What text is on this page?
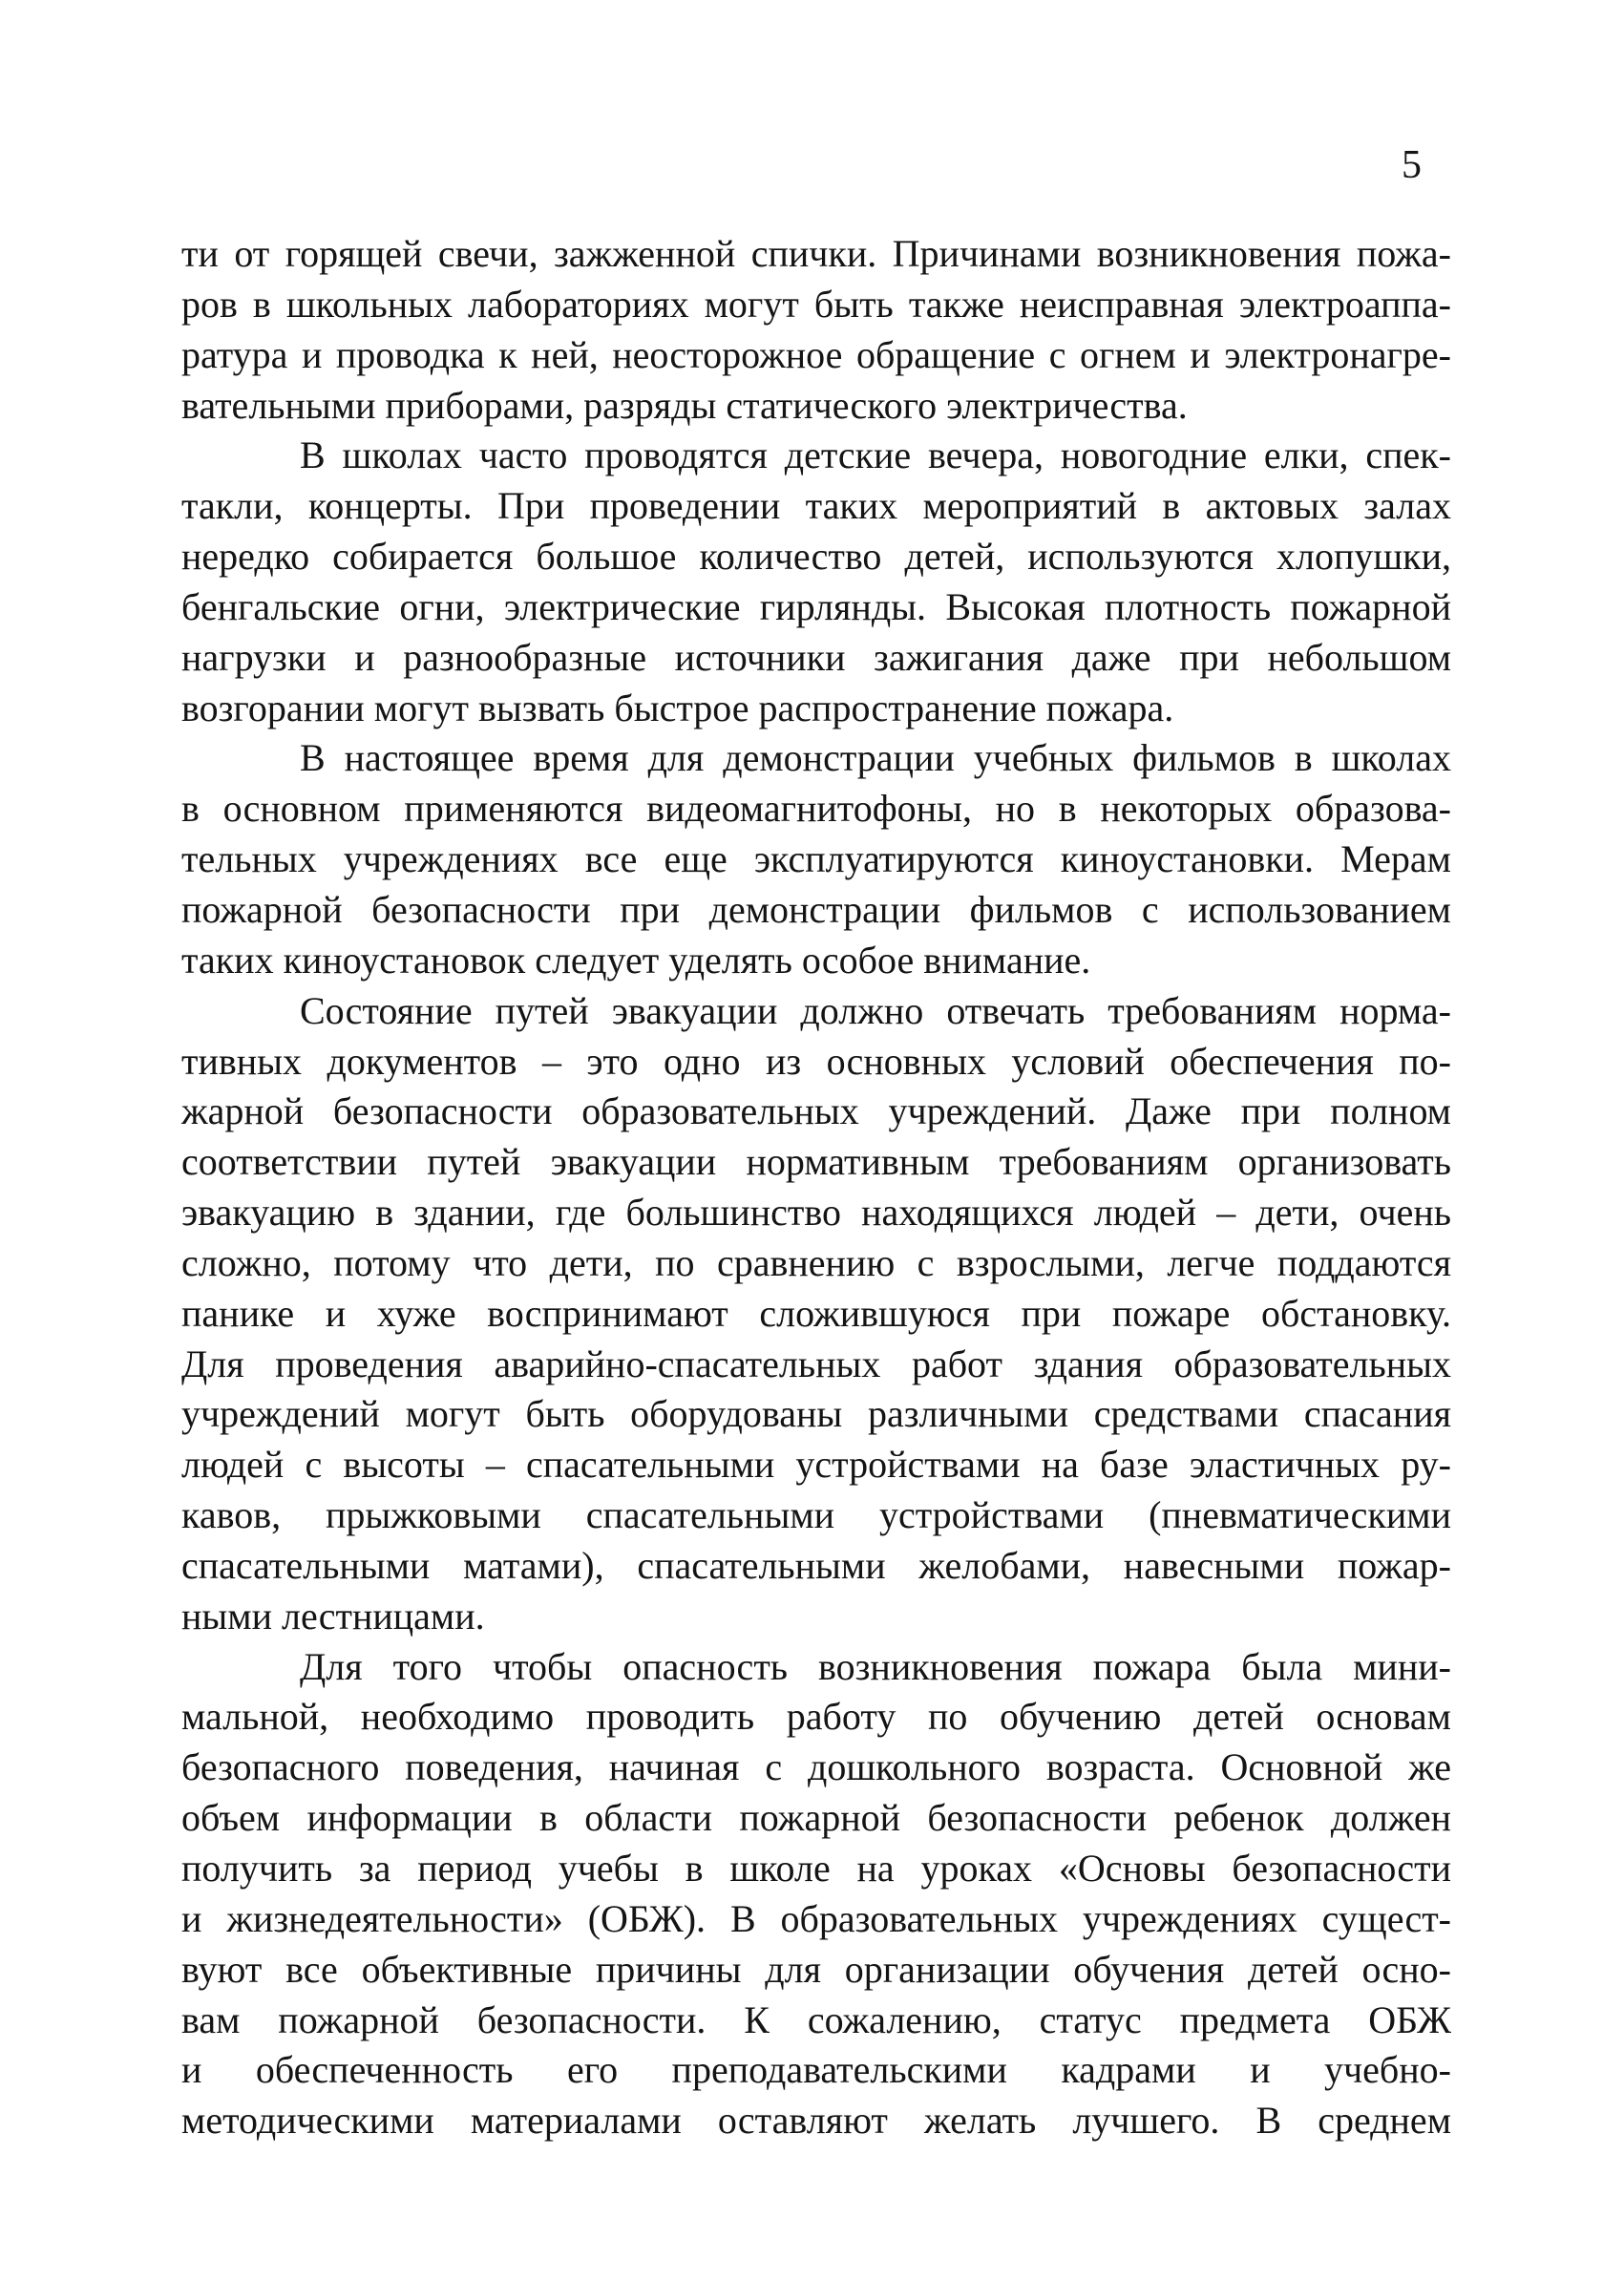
5
ти от горящей свечи, зажженной спички. Причинами возникновения пожа-
ров в школьных лабораториях могут быть также неисправная электроаппа-
ратура и проводка к ней, неосторожное обращение с огнем и электронагре-
вательными приборами, разряды статического электричества.
В школах часто проводятся детские вечера, новогодние елки, спек-
такли, концерты. При проведении таких мероприятий в актовых залах
нередко собирается большое количество детей, используются хлопушки,
бенгальские огни, электрические гирлянды. Высокая плотность пожарной
нагрузки и разнообразные источники зажигания даже при небольшом
возгорании могут вызвать быстрое распространение пожара.
В настоящее время для демонстрации учебных фильмов в школах
в основном применяются видеомагнитофоны, но в некоторых образова-
тельных учреждениях все еще эксплуатируются киноустановки. Мерам
пожарной безопасности при демонстрации фильмов с использованием
таких киноустановок следует уделять особое внимание.
Состояние путей эвакуации должно отвечать требованиям норма-
тивных документов – это одно из основных условий обеспечения по-
жарной безопасности образовательных учреждений. Даже при полном
соответствии путей эвакуации нормативным требованиям организовать
эвакуацию в здании, где большинство находящихся людей – дети, очень
сложно, потому что дети, по сравнению с взрослыми, легче поддаются
панике и хуже воспринимают сложившуюся при пожаре обстановку.
Для проведения аварийно-спасательных работ здания образовательных
учреждений могут быть оборудованы различными средствами спасания
людей с высоты – спасательными устройствами на базе эластичных ру-
кавов, прыжковыми спасательными устройствами (пневматическими
спасательными матами), спасательными желобами, навесными пожар-
ными лестницами.
Для того чтобы опасность возникновения пожара была мини-
мальной, необходимо проводить работу по обучению детей основам
безопасного поведения, начиная с дошкольного возраста. Основной же
объем информации в области пожарной безопасности ребенок должен
получить за период учебы в школе на уроках «Основы безопасности
и жизнедеятельности» (ОБЖ). В образовательных учреждениях сущест-
вуют все объективные причины для организации обучения детей осно-
вам пожарной безопасности. К сожалению, статус предмета ОБЖ
и обеспеченность его преподавательскими кадрами и учебно-
методическими материалами оставляют желать лучшего. В среднем
